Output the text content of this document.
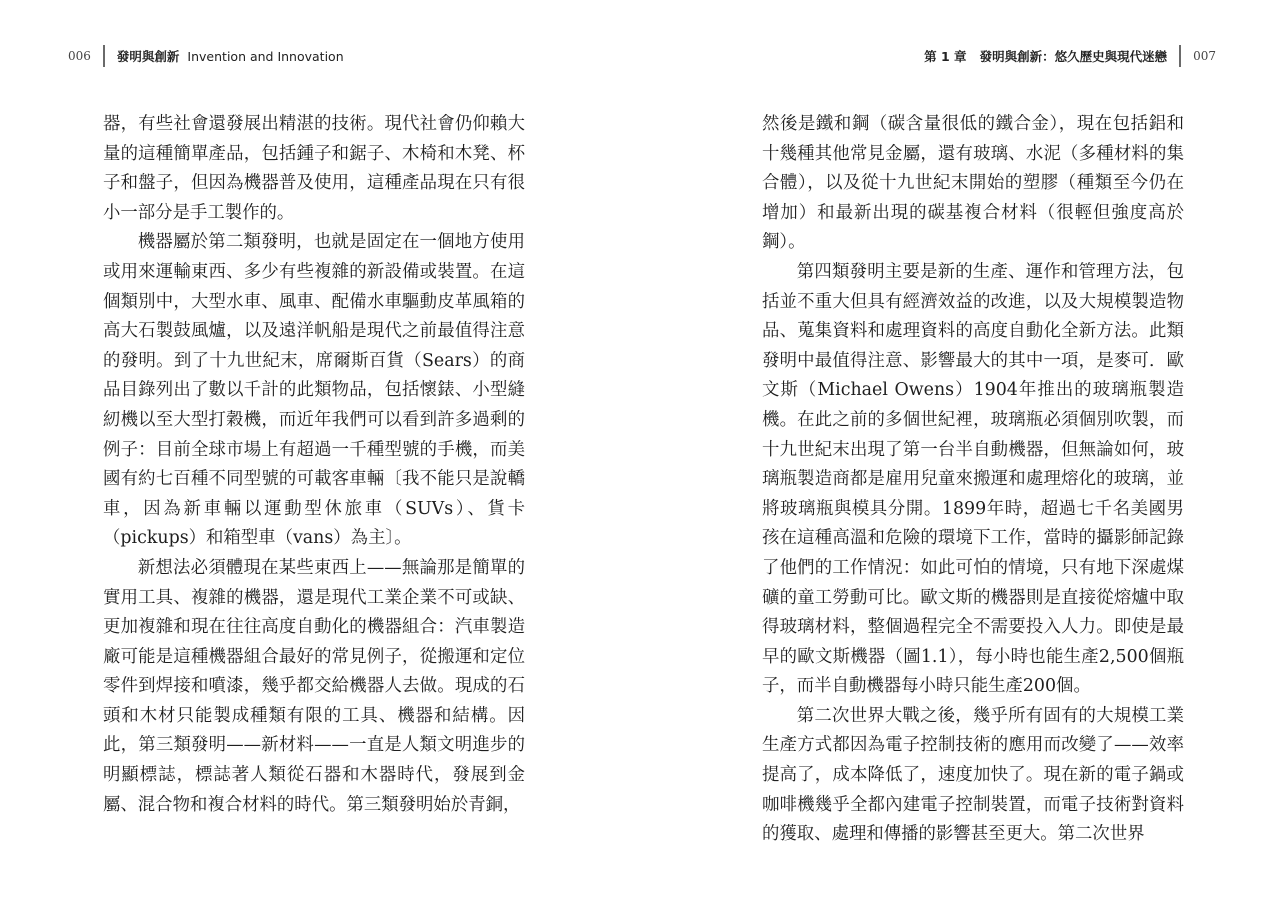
006 發明與創新 Invention and Innovation

器，有些社會還發展出精湛的技術。現代社會仍仰賴大量的這種簡單產品，包括鍾子和鋸子、木椅和木凳、杯子和盤子，但因為機器普及使用，這種產品現在只有很小一部分是手工製作的。

機器屬於第二類發明，也就是固定在一個地方使用或用來運輸東西、多少有些複雜的新設備或裝置。在這個類別中，大型水車、風車、配備水車驅動皮革風箱的高大石製鼓風爐，以及遠洋帆船是現代之前最值得注意的發明。到了十九世紀末，席爾斯百貨（Sears）的商品目錄列出了數以千計的此類物品，包括懷錶、小型縫紉機以至大型打穀機，而近年我們可以看到許多過剩的例子：目前全球市場上有超過一千種型號的手機，而美國有約七百種不同型號的可載客車輛〔我不能只是說轎車，因為新車輛以運動型休旅車（SUVs）、貨卡（pickups）和箱型車（vans）為主〕。

新想法必須體現在某些東西上——無論那是簡單的實用工具、複雜的機器，還是現代工業企業不可或缺、更加複雜和現在往往高度自動化的機器組合：汽車製造廠可能是這種機器組合最好的常見例子，從搬運和定位零件到焊接和噴漆，幾乎都交給機器人去做。現成的石頭和木材只能製成種類有限的工具、機器和結構。因此，第三類發明——新材料——一直是人類文明進步的明顯標誌，標誌著人類從石器和木器時代，發展到金屬、混合物和複合材料的時代。第三類發明始於青銅，

第 1 章 發明與創新：悠久歷史與現代迷戀 007

然後是鐵和鋼（碳含量很低的鐵合金），現在包括鋁和十幾種其他常見金屬，還有玻璃、水泥（多種材料的集合體），以及從十九世紀末開始的塑膠（種類至今仍在增加）和最新出現的碳基複合材料（很輕但強度高於鋼）。

第四類發明主要是新的生產、運作和管理方法，包括並不重大但具有經濟效益的改進，以及大規模製造物品、蒐集資料和處理資料的高度自動化全新方法。此類發明中最值得注意、影響最大的其中一項，是麥可．歐文斯（Michael Owens）1904年推出的玻璃瓶製造機。在此之前的多個世紀裡，玻璃瓶必須個別吹製，而十九世紀末出現了第一台半自動機器，但無論如何，玻璃瓶製造商都是雇用兒童來搬運和處理熔化的玻璃，並將玻璃瓶與模具分開。1899年時，超過七千名美國男孩在這種高溫和危險的環境下工作，當時的攝影師記錄了他們的工作情況：如此可怕的情境，只有地下深處煤礦的童工勞動可比。歐文斯的機器則是直接從熔爐中取得玻璃材料，整個過程完全不需要投入人力。即使是最早的歐文斯機器（圖1.1），每小時也能生產2,500個瓶子，而半自動機器每小時只能生產200個。

第二次世界大戰之後，幾乎所有固有的大規模工業生產方式都因為電子控制技術的應用而改變了——效率提高了，成本降低了，速度加快了。現在新的電子鍋或咖啡機幾乎全都內建電子控制裝置，而電子技術對資料的獲取、處理和傳播的影響甚至更大。第二次世界
